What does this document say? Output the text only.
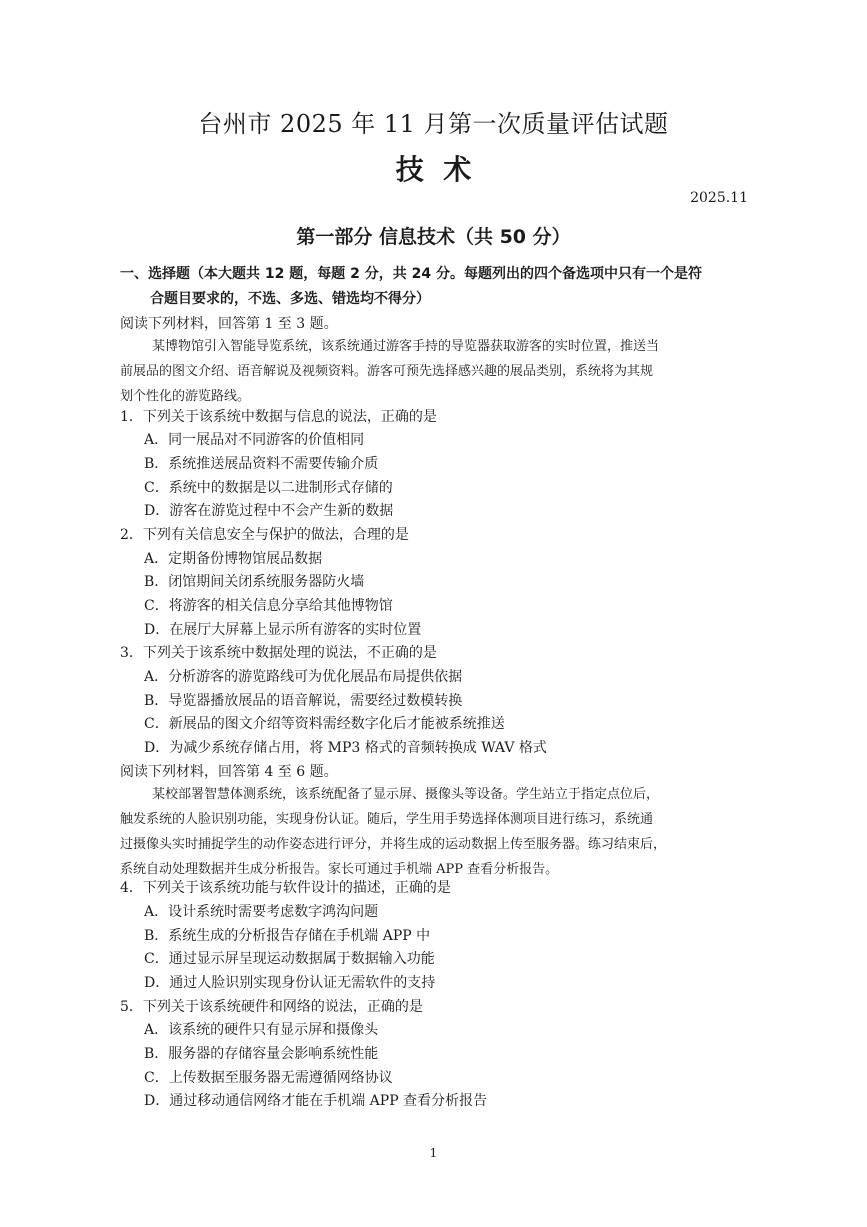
台州市 2025 年 11 月第一次质量评估试题
技  术
2025.11
第一部分 信息技术（共 50 分）
一、选择题（本大题共 12 题，每题 2 分，共 24 分。每题列出的四个备选项中只有一个是符
合题目要求的，不选、多选、错选均不得分）
阅读下列材料，回答第 1 至 3 题。
某博物馆引入智能导览系统，该系统通过游客手持的导览器获取游客的实时位置，推送当
前展品的图文介绍、语音解说及视频资料。游客可预先选择感兴趣的展品类别，系统将为其规
划个性化的游览路线。
1．下列关于该系统中数据与信息的说法，正确的是
A．同一展品对不同游客的价值相同
B．系统推送展品资料不需要传输介质
C．系统中的数据是以二进制形式存储的
D．游客在游览过程中不会产生新的数据
2．下列有关信息安全与保护的做法，合理的是
A．定期备份博物馆展品数据
B．闭馆期间关闭系统服务器防火墙
C．将游客的相关信息分享给其他博物馆
D．在展厅大屏幕上显示所有游客的实时位置
3．下列关于该系统中数据处理的说法，不正确的是
A．分析游客的游览路线可为优化展品布局提供依据
B．导览器播放展品的语音解说，需要经过数模转换
C．新展品的图文介绍等资料需经数字化后才能被系统推送
D．为减少系统存储占用，将 MP3 格式的音频转换成 WAV 格式
阅读下列材料，回答第 4 至 6 题。
某校部署智慧体测系统，该系统配备了显示屏、摄像头等设备。学生站立于指定点位后，
触发系统的人脸识别功能，实现身份认证。随后，学生用手势选择体测项目进行练习，系统通
过摄像头实时捕捉学生的动作姿态进行评分，并将生成的运动数据上传至服务器。练习结束后，
系统自动处理数据并生成分析报告。家长可通过手机端 APP 查看分析报告。
4．下列关于该系统功能与软件设计的描述，正确的是
A．设计系统时需要考虑数字鸿沟问题
B．系统生成的分析报告存储在手机端 APP 中
C．通过显示屏呈现运动数据属于数据输入功能
D．通过人脸识别实现身份认证无需软件的支持
5．下列关于该系统硬件和网络的说法，正确的是
A．该系统的硬件只有显示屏和摄像头
B．服务器的存储容量会影响系统性能
C．上传数据至服务器无需遵循网络协议
D．通过移动通信网络才能在手机端 APP 查看分析报告
1
